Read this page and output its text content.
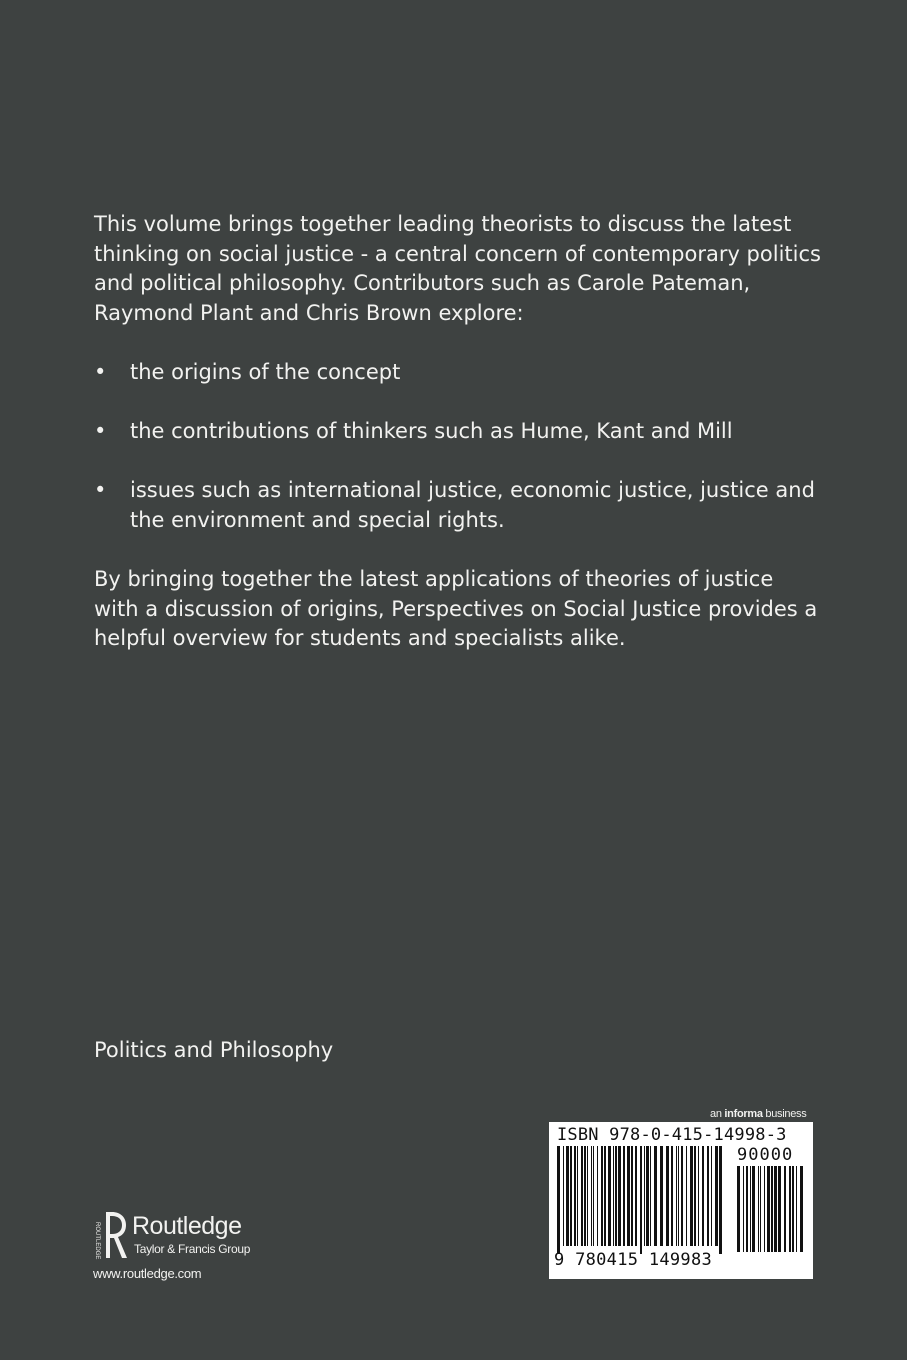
This volume brings together leading theorists to discuss the latest thinking on social justice - a central concern of contemporary politics and political philosophy. Contributors such as Carole Pateman, Raymond Plant and Chris Brown explore:

• the origins of the concept
• the contributions of thinkers such as Hume, Kant and Mill
• issues such as international justice, economic justice, justice and the environment and special rights.

By bringing together the latest applications of theories of justice with a discussion of origins, Perspectives on Social Justice provides a helpful overview for students and specialists alike.

Politics and Philosophy
ROUTLEDGE Routledge
Taylor & Francis Group
www.routledge.com
an informa business
ISBN 978-0-415-14998-3
90000
9 780415 149983
